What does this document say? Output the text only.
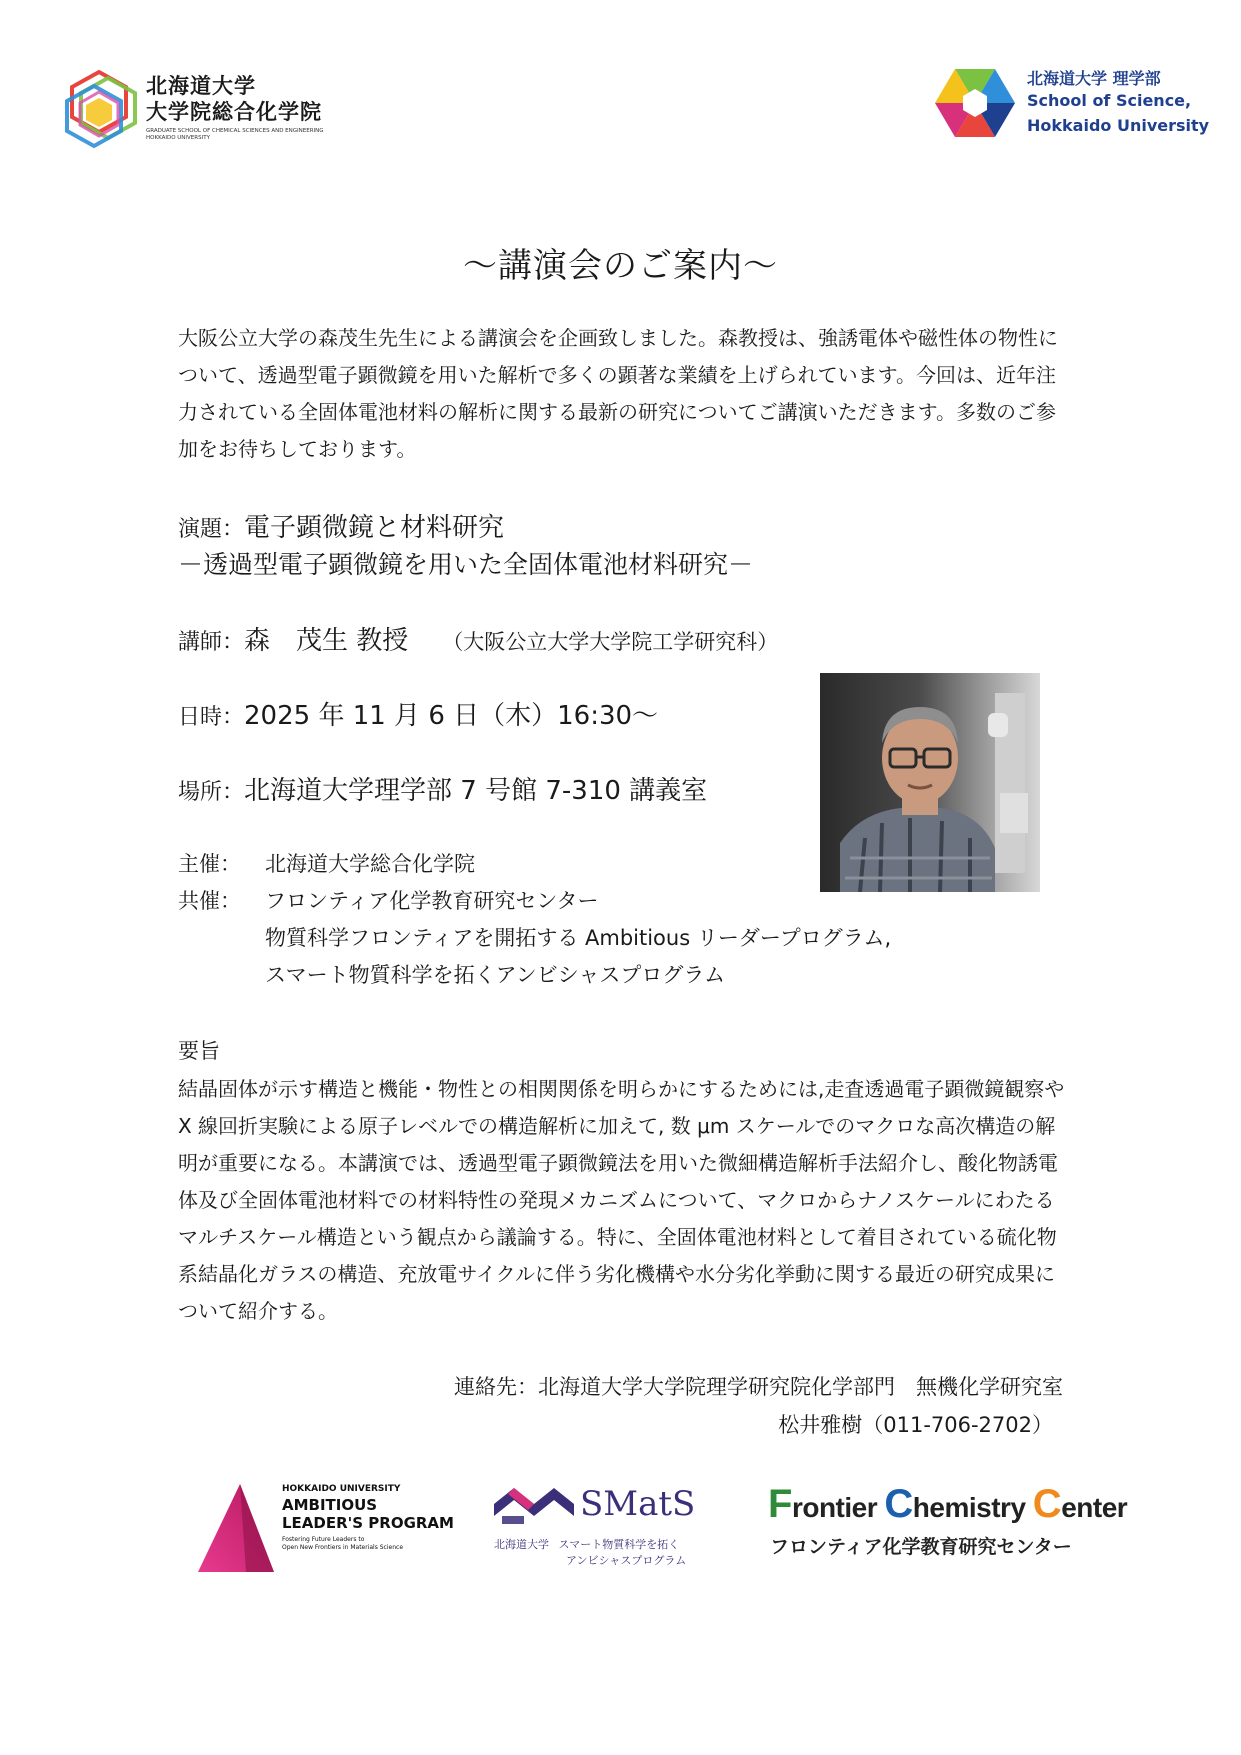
北海道大学
大学院総合化学院
GRADUATE SCHOOL OF CHEMICAL SCIENCES AND ENGINEERING
HOKKAIDO UNIVERSITY
北海道大学 理学部
School of Science,
Hokkaido University
～講演会のご案内～
大阪公立大学の森茂生先生による講演会を企画致しました。森教授は、強誘電体や磁性体の物性について、透過型電子顕微鏡を用いた解析で多くの顕著な業績を上げられています。今回は、近年注力されている全固体電池材料の解析に関する最新の研究についてご講演いただきます。多数のご参加をお待ちしております。
演題：電子顕微鏡と材料研究
－透過型電子顕微鏡を用いた全固体電池材料研究－
講師：森　茂生 教授 （大阪公立大学大学院工学研究科）
日時：2025 年 11 月 6 日（木）16:30～
場所：北海道大学理学部 7 号館 7-310 講義室
主催： 北海道大学総合化学院
共催： フロンティア化学教育研究センター
物質科学フロンティアを開拓する Ambitious リーダープログラム,
スマート物質科学を拓くアンビシャスプログラム
要旨
結晶固体が示す構造と機能・物性との相関関係を明らかにするためには,走査透過電子顕微鏡観察や X 線回折実験による原子レベルでの構造解析に加えて, 数 μm スケールでのマクロな高次構造の解明が重要になる。本講演では、透過型電子顕微鏡法を用いた微細構造解析手法紹介し、酸化物誘電体及び全固体電池材料での材料特性の発現メカニズムについて、マクロからナノスケールにわたるマルチスケール構造という観点から議論する。特に、全固体電池材料として着目されている硫化物系結晶化ガラスの構造、充放電サイクルに伴う劣化機構や水分劣化挙動に関する最近の研究成果について紹介する。
連絡先：北海道大学大学院理学研究院化学部門　無機化学研究室
松井雅樹（011-706-2702）
HOKKAIDO UNIVERSITY
AMBITIOUS
LEADER'S PROGRAM
Fostering Future Leaders to
Open New Frontiers in Materials Science
SMatS
北海道大学 スマート物質科学を拓く
アンビシャスプログラム
Frontier Chemistry Center
フロンティア化学教育研究センター
